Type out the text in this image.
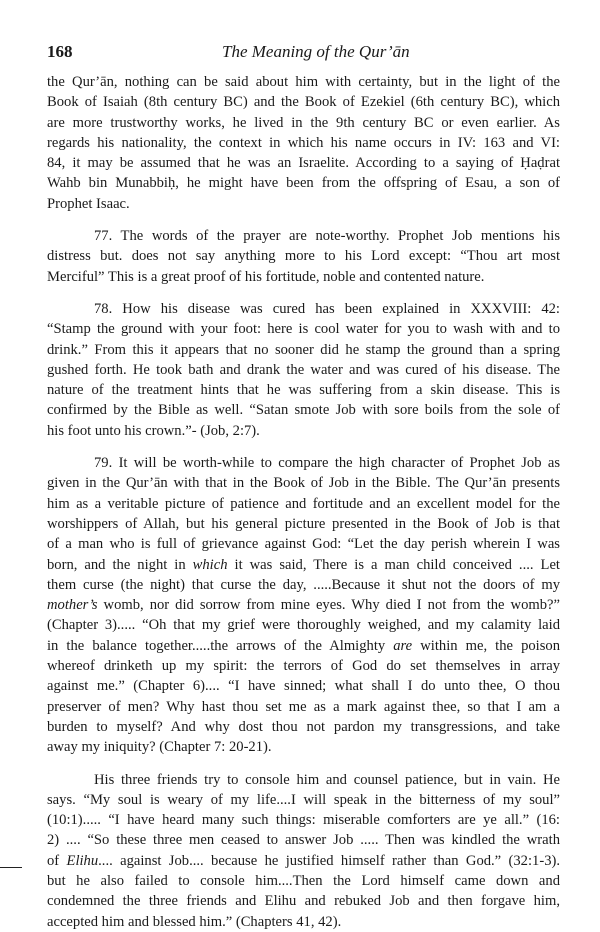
168	The Meaning of the Qur’ān
the Qur’ān, nothing can be said about him with certainty, but in the light of the
Book of Isaiah (8th century BC) and the Book of Ezekiel (6th century BC), which
are more trustworthy works, he lived in the 9th century BC or even earlier. As
regards his nationality, the context in which his name occurs in IV: 163 and VI:
84, it may be assumed that he was an Israelite. According to a saying of Ḥaḍrat
Wahb bin Munabbiḥ, he might have been from the offspring of Esau, a son of
Prophet Isaac.
77. The words of the prayer are note-worthy. Prophet Job mentions his
distress but. does not say anything more to his Lord except: “Thou art most
Merciful” This is a great proof of his fortitude, noble and contented nature.
78. How his disease was cured has been explained in XXXVIII: 42:
“Stamp the ground with your foot: here is cool water for you to wash with and to
drink.” From this it appears that no sooner did he stamp the ground than a spring
gushed forth. He took bath and drank the water and was cured of his disease. The
nature of the treatment hints that he was suffering from a skin disease. This is
confirmed by the Bible as well. “Satan smote Job with sore boils from the sole of
his foot unto his crown.”- (Job, 2:7).
79. It will be worth-while to compare the high character of Prophet Job as
given in the Qur’ān with that in the Book of Job in the Bible. The Qur’ān presents
him as a veritable picture of patience and fortitude and an excellent model for the
worshippers of Allah, but his general picture presented in the Book of Job is that
of a man who is full of grievance against God: “Let the day perish wherein I was
born, and the night in which it was said, There is a man child conceived .... Let
them curse (the night) that curse the day, .....Because it shut not the doors of my
mother’s womb, nor did sorrow from mine eyes. Why died I not from the womb?”
(Chapter 3)..... “Oh that my grief were thoroughly weighed, and my calamity laid
in the balance together.....the arrows of the Almighty are within me, the poison
whereof drinketh up my spirit: the terrors of God do set themselves in array
against me.” (Chapter 6).... “I have sinned; what shall I do unto thee, O thou
preserver of men? Why hast thou set me as a mark against thee, so that I am a
burden to myself? And why dost thou not pardon my transgressions, and take
away my iniquity? (Chapter 7: 20-21).
His three friends try to console him and counsel patience, but in vain. He
says. “My soul is weary of my life....I will speak in the bitterness of my soul”
(10:1)..... “I have heard many such things: miserable comforters are ye all.” (16:
2) .... “So these three men ceased to answer Job ..... Then was kindled the wrath
of Elihu.... against Job.... because he justified himself rather than God.” (32:1-3).
but he also failed to console him....Then the Lord himself came down and
condemned the three friends and Elihu and rebuked Job and then forgave him,
accepted him and blessed him.” (Chapters 41, 42).
